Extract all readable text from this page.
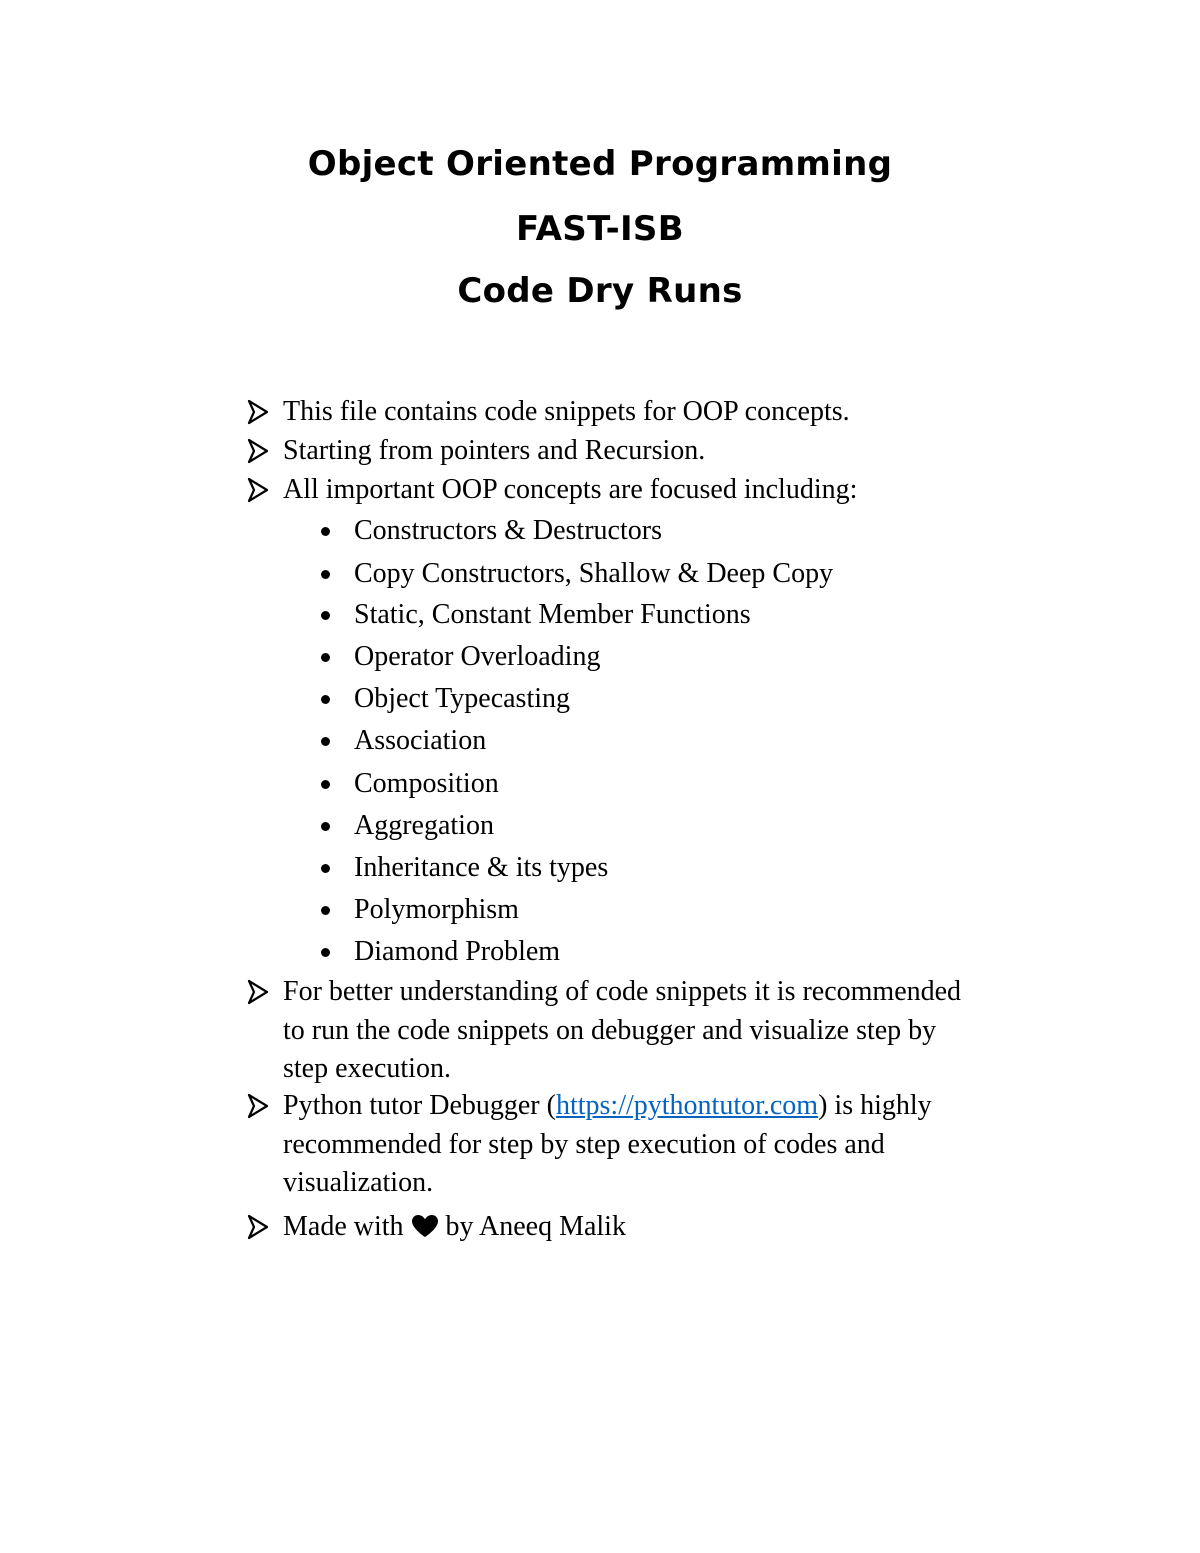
Object Oriented Programming
FAST-ISB
Code Dry Runs
This file contains code snippets for OOP concepts.
Starting from pointers and Recursion.
All important OOP concepts are focused including:
Constructors & Destructors
Copy Constructors, Shallow & Deep Copy
Static, Constant Member Functions
Operator Overloading
Object Typecasting
Association
Composition
Aggregation
Inheritance & its types
Polymorphism
Diamond Problem
For better understanding of code snippets it is recommended
to run the code snippets on debugger and visualize step by
step execution.
Python tutor Debugger (https://pythontutor.com) is highly
recommended for step by step execution of codes and
visualization.
Made with by Aneeq Malik
